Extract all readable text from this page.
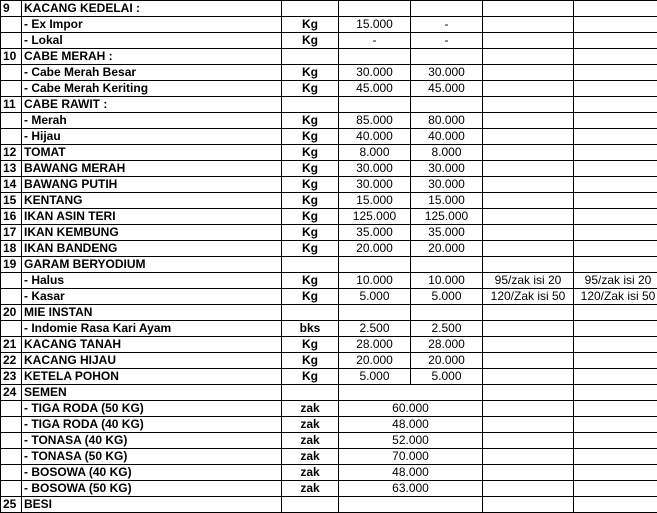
9	KACANG KEDELAI :					
	- Ex Impor	Kg	15.000	-		
	- Lokal	Kg	-	-		
10	CABE MERAH :					
	- Cabe Merah Besar	Kg	30.000	30.000		
	- Cabe Merah Keriting	Kg	45.000	45.000		
11	CABE RAWIT :					
	- Merah	Kg	85.000	80.000		
	- Hijau	Kg	40.000	40.000		
12	TOMAT	Kg	8.000	8.000		
13	BAWANG MERAH	Kg	30.000	30.000		
14	BAWANG PUTIH	Kg	30.000	30.000		
15	KENTANG	Kg	15.000	15.000		
16	IKAN ASIN TERI	Kg	125.000	125.000		
17	IKAN KEMBUNG	Kg	35.000	35.000		
18	IKAN BANDENG	Kg	20.000	20.000		
19	GARAM BERYODIUM					
	- Halus	Kg	10.000	10.000	95/zak isi 20	95/zak isi 20
	- Kasar	Kg	5.000	5.000	120/Zak isi 50	120/Zak isi 50
20	MIE INSTAN					
	- Indomie Rasa Kari Ayam	bks	2.500	2.500		
21	KACANG TANAH	Kg	28.000	28.000		
22	KACANG HIJAU	Kg	20.000	20.000		
23	KETELA POHON	Kg	5.000	5.000		
24	SEMEN					
	- TIGA RODA (50 KG)	zak	60.000			
	- TIGA RODA (40 KG)	zak	48.000			
	- TONASA (40 KG)	zak	52.000			
	- TONASA (50 KG)	zak	70.000			
	- BOSOWA (40 KG)	zak	48.000			
	- BOSOWA (50 KG)	zak	63.000			
25	BESI					
